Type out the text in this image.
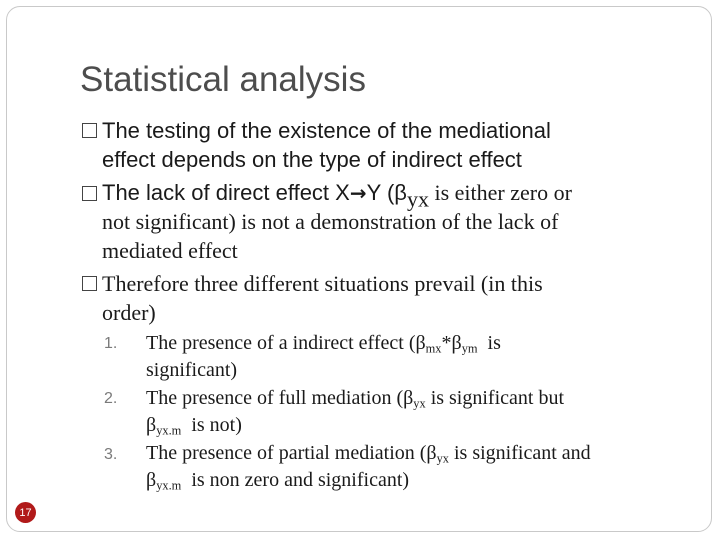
Statistical analysis
The testing of the existence of the mediational
effect depends on the type of indirect effect
The lack of direct effect X→Y ($\beta_{yx}$ is either zero or
not significant) is not a demonstration of the lack of
mediated effect
Therefore three different situations prevail (in this
order)
1. The presence of a indirect effect ($\beta_{mx}*\beta_{ym}$  is
significant)
2. The presence of full mediation ($\beta_{yx}$ is significant but
$\beta_{yx.m}$  is not)
3. The presence of partial mediation ($\beta_{yx}$ is significant and
$\beta_{yx.m}$  is non zero and significant)
17
